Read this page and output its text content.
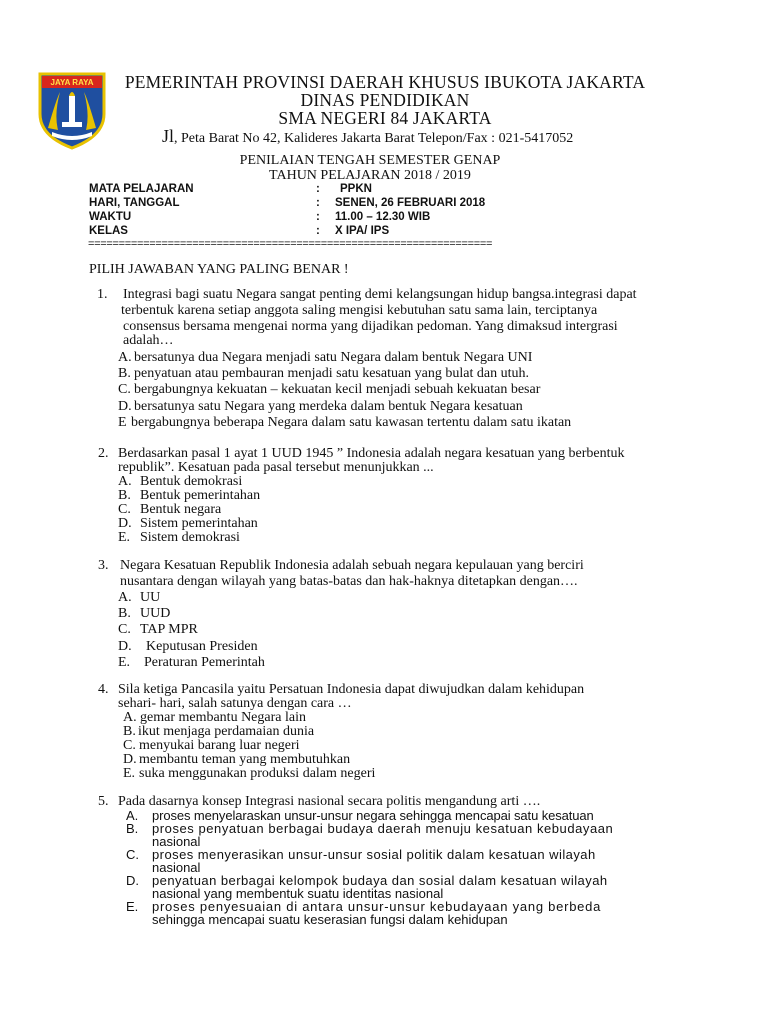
JAYA RAYA PEMERINTAH PROVINSI DAERAH KHUSUS IBUKOTA JAKARTA
DINAS PENDIDIKAN
SMA NEGERI 84 JAKARTA
Jl, Peta Barat No 42, Kalideres Jakarta Barat Telepon/Fax : 021-5417052
PENILAIAN TENGAH SEMESTER GENAP
TAHUN PELAJARAN 2018 / 2019
MATA PELAJARAN	: PPKN
HARI, TANGGAL	: SENEN, 26 FEBRUARI 2018
WAKTU	: 11.00 – 12.30 WIB
KELAS	: X IPA/ IPS
==================================================================
PILIH JAWABAN YANG PALING BENAR !
1. Integrasi bagi suatu Negara sangat penting demi kelangsungan hidup bangsa.integrasi dapat
terbentuk karena setiap anggota saling mengisi kebutuhan satu sama lain, terciptanya
consensus bersama mengenai norma yang dijadikan pedoman. Yang dimaksud intergrasi
adalah…
A. bersatunya dua Negara menjadi satu Negara dalam bentuk Negara UNI
B. penyatuan atau pembauran menjadi satu kesatuan yang bulat dan utuh.
C. bergabungnya kekuatan – kekuatan kecil menjadi sebuah kekuatan besar
D. bersatunya satu Negara yang merdeka dalam bentuk Negara kesatuan
E bergabungnya beberapa Negara dalam satu kawasan tertentu dalam satu ikatan
2. Berdasarkan pasal 1 ayat 1 UUD 1945 ” Indonesia adalah negara kesatuan yang berbentuk
republik”. Kesatuan pada pasal tersebut menunjukkan ...
A. Bentuk demokrasi
B. Bentuk pemerintahan
C. Bentuk negara
D. Sistem pemerintahan
E. Sistem demokrasi
3. Negara Kesatuan Republik Indonesia adalah sebuah negara kepulauan yang berciri
nusantara dengan wilayah yang batas-batas dan hak-haknya ditetapkan dengan….
A. UU
B. UUD
C. TAP MPR
D. Keputusan Presiden
E. Peraturan Pemerintah
4. Sila ketiga Pancasila yaitu Persatuan Indonesia dapat diwujudkan dalam kehidupan
sehari- hari, salah satunya dengan cara …
A. gemar membantu Negara lain
B. ikut menjaga perdamaian dunia
C. menyukai barang luar negeri
D. membantu teman yang membutuhkan
E. suka menggunakan produksi dalam negeri
5. Pada dasarnya konsep Integrasi nasional secara politis mengandung arti ….
A. proses menyelaraskan unsur-unsur negara sehingga mencapai satu kesatuan
B. proses penyatuan berbagai budaya daerah menuju kesatuan kebudayaan
nasional
C. proses menyerasikan unsur-unsur sosial politik dalam kesatuan wilayah
nasional
D. penyatuan berbagai kelompok budaya dan sosial dalam kesatuan wilayah
nasional yang membentuk suatu identitas nasional
E. proses penyesuaian di antara unsur-unsur kebudayaan yang berbeda
sehingga mencapai suatu keserasian fungsi dalam kehidupan
